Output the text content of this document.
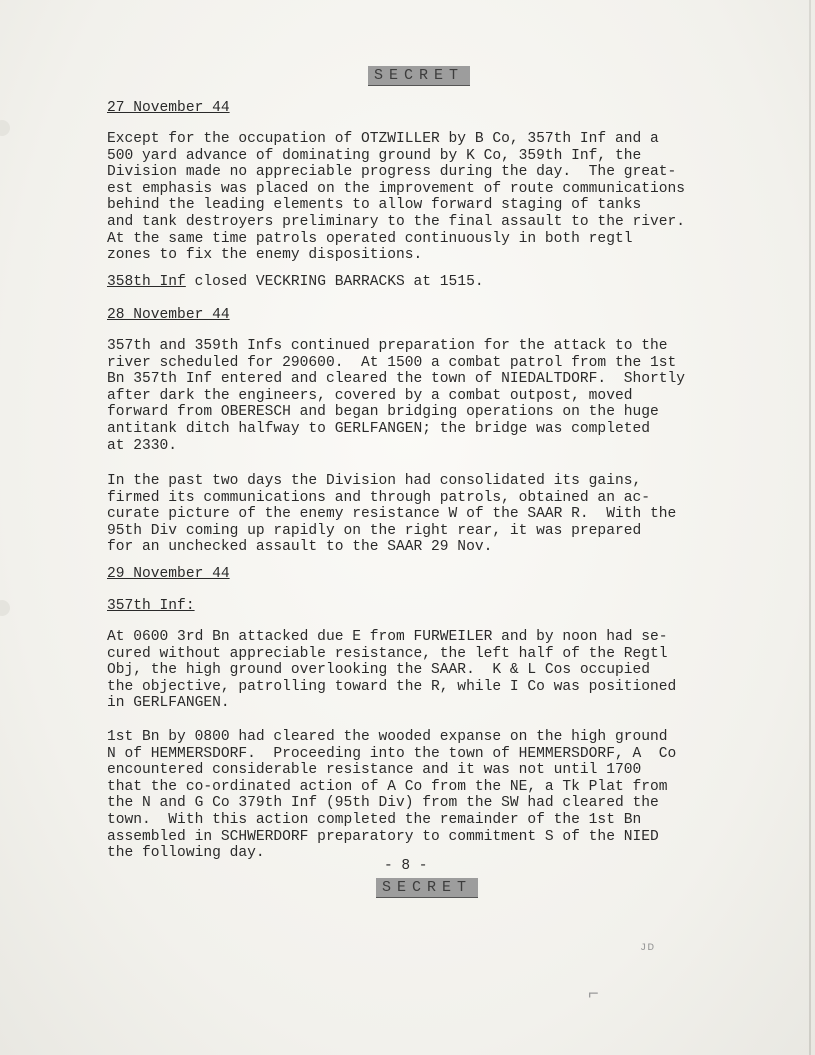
SECRET
27 November 44
Except for the occupation of OTZWILLER by B Co, 357th Inf and a
500 yard advance of dominating ground by K Co, 359th Inf, the
Division made no appreciable progress during the day.  The great-
est emphasis was placed on the improvement of route communications
behind the leading elements to allow forward staging of tanks
and tank destroyers preliminary to the final assault to the river.
At the same time patrols operated continuously in both regtl
zones to fix the enemy dispositions.

358th Inf closed VECKRING BARRACKS at 1515.
28 November 44
357th and 359th Infs continued preparation for the attack to the
river scheduled for 290600.  At 1500 a combat patrol from the 1st
Bn 357th Inf entered and cleared the town of NIEDALTDORF.  Shortly
after dark the engineers, covered by a combat outpost, moved
forward from OBERESCH and began bridging operations on the huge
antitank ditch halfway to GERLFANGEN; the bridge was completed
at 2330.

In the past two days the Division had consolidated its gains,
firmed its communications and through patrols, obtained an ac-
curate picture of the enemy resistance W of the SAAR R.  With the
95th Div coming up rapidly on the right rear, it was prepared
for an unchecked assault to the SAAR 29 Nov.
29 November 44
357th Inf:
At 0600 3rd Bn attacked due E from FURWEILER and by noon had se-
cured without appreciable resistance, the left half of the Regtl
Obj, the high ground overlooking the SAAR.  K & L Cos occupied
the objective, patrolling toward the R, while I Co was positioned
in GERLFANGEN.

1st Bn by 0800 had cleared the wooded expanse on the high ground
N of HEMMERSDORF.  Proceeding into the town of HEMMERSDORF, A  Co
encountered considerable resistance and it was not until 1700
that the co-ordinated action of A Co from the NE, a Tk Plat from
the N and G Co 379th Inf (95th Div) from the SW had cleared the
town.  With this action completed the remainder of the 1st Bn
assembled in SCHWERDORF preparatory to commitment S of the NIED
the following day.

- 8 -
SECRET
ᴊᴅ
⌐
